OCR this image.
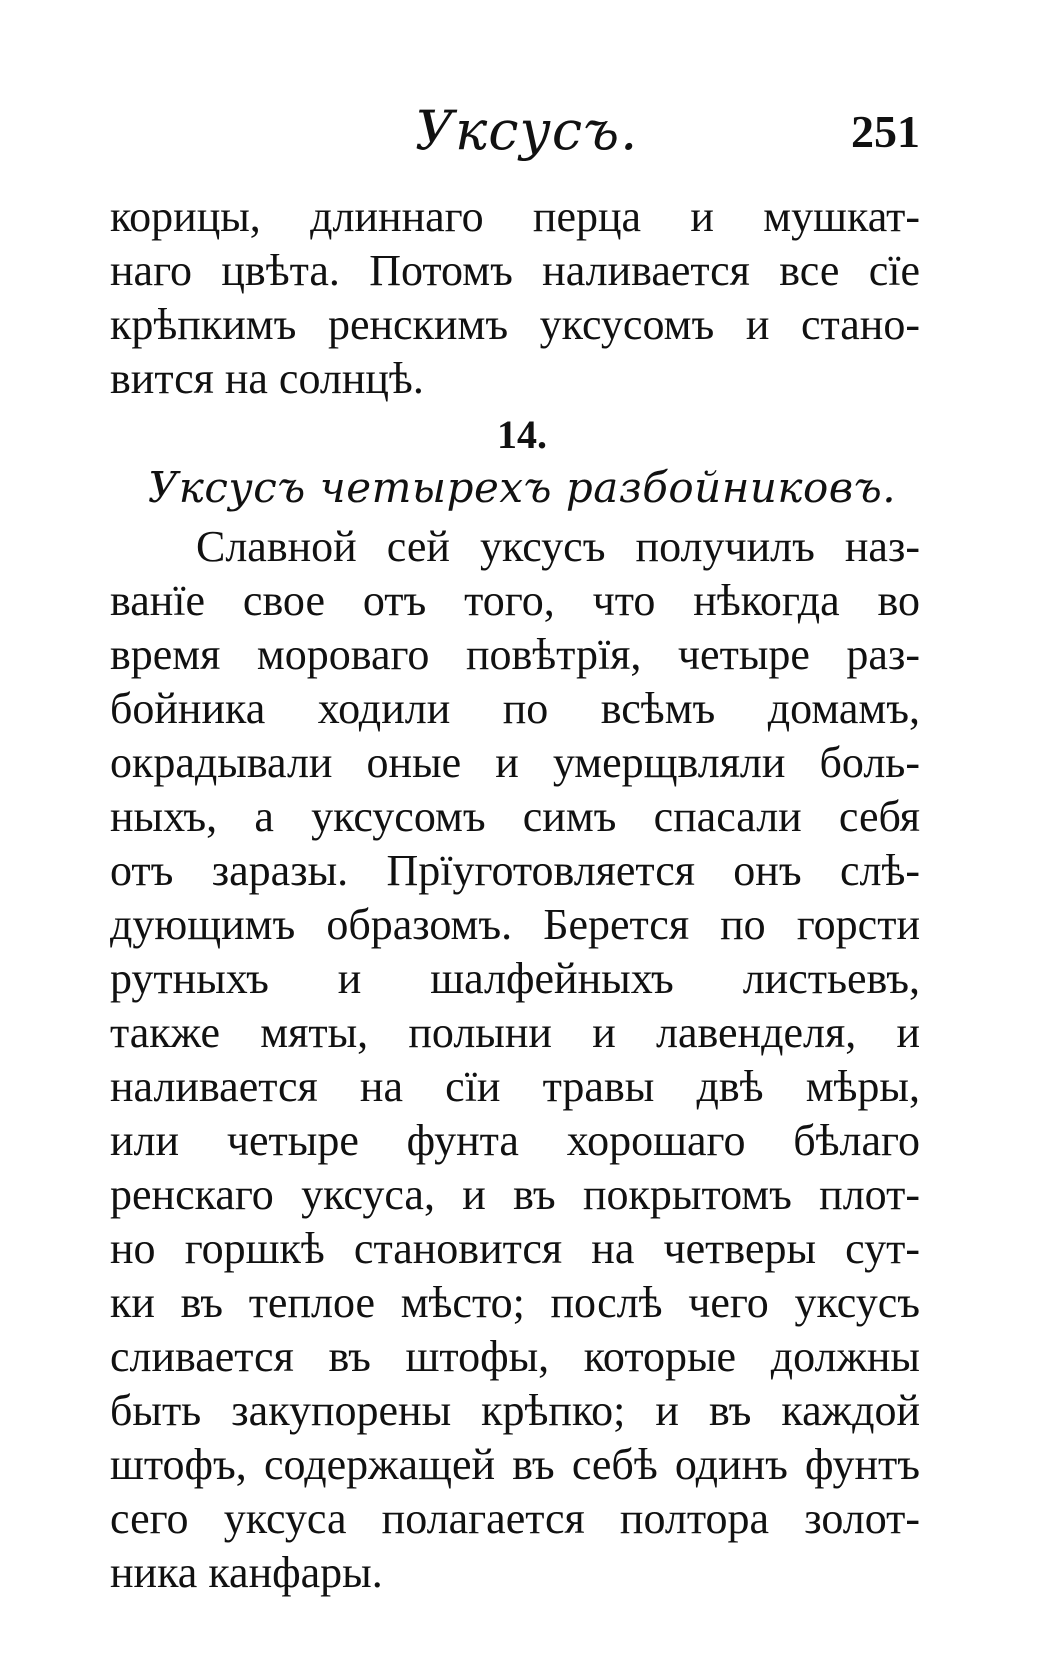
Уксусъ.	251
корицы, длиннаго перца и мушкат-
наго цвѣта. Потомъ наливается все сїе
крѣпкимъ ренскимъ уксусомъ и стано-
вится на солнцѣ.
14.
Уксусъ четырехъ разбойниковъ.
Славной сей уксусъ получилъ наз-
ванїе свое отъ того, что нѣкогда во
время мороваго повѣтрїя, четыре раз-
бойника ходили по всѣмъ домамъ,
окрадывали оные и умерщвляли боль-
ныхъ, а уксусомъ симъ спасали себя
отъ заразы. Прїуготовляется онъ слѣ-
дующимъ образомъ. Берется по горсти
рутныхъ и шалфейныхъ листьевъ,
также мяты, полыни и лавенделя, и
наливается на сїи травы двѣ мѣры,
или четыре фунта хорошаго бѣлаго
ренскаго уксуса, и въ покрытомъ плот-
но горшкѣ становится на четверы сут-
ки въ теплое мѣсто; послѣ чего уксусъ
сливается въ штофы, которые должны
быть закупорены крѣпко; и въ каждой
штофъ, содержащей въ себѣ одинъ фунтъ
сего уксуса полагается полтора золот-
ника канфары.
